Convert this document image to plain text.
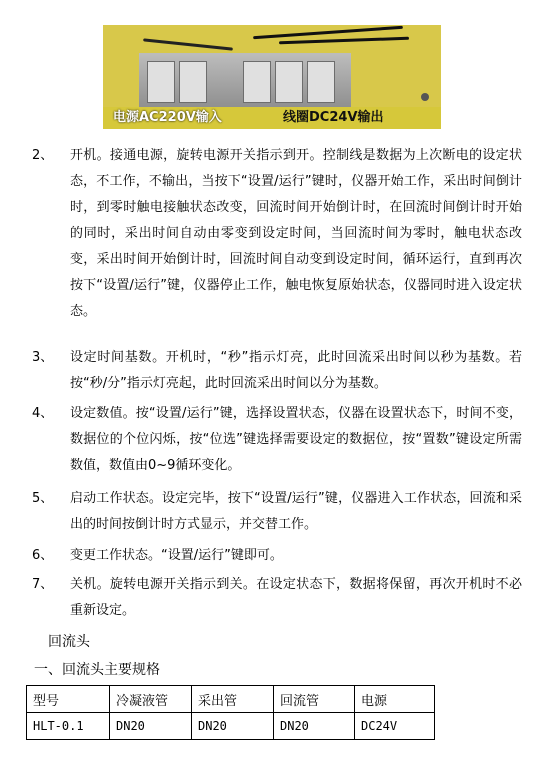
电源AC220V输入	线圈DC24V输出
2、 开机。接通电源，旋转电源开关指示到开。控制线是数据为上次断电的设定状态，不工作，不输出，当按下“设置/运行”键时，仪器开始工作，采出时间倒计时，到零时触电接触状态改变，回流时间开始倒计时，在回流时间倒计时开始的同时，采出时间自动由零变到设定时间，当回流时间为零时，触电状态改变，采出时间开始倒计时，回流时间自动变到设定时间，循环运行，直到再次按下“设置/运行”键，仪器停止工作，触电恢复原始状态，仪器同时进入设定状态。
3、 设定时间基数。开机时，“秒”指示灯亮，此时回流采出时间以秒为基数。若按“秒/分”指示灯亮起，此时回流采出时间以分为基数。
4、 设定数值。按“设置/运行”键，选择设置状态，仪器在设置状态下，时间不变，数据位的个位闪烁，按“位选”键选择需要设定的数据位，按“置数”键设定所需数值，数值由0~9循环变化。
5、 启动工作状态。设定完毕，按下“设置/运行”键，仪器进入工作状态，回流和采出的时间按倒计时方式显示，并交替工作。
6、 变更工作状态。“设置/运行”键即可。
7、 关机。旋转电源开关指示到关。在设定状态下，数据将保留，再次开机时不必重新设定。
回流头
一、回流头主要规格
型号	冷凝液管	采出管	回流管	电源
HLT-0.1	DN20	DN20	DN20	DC24V
